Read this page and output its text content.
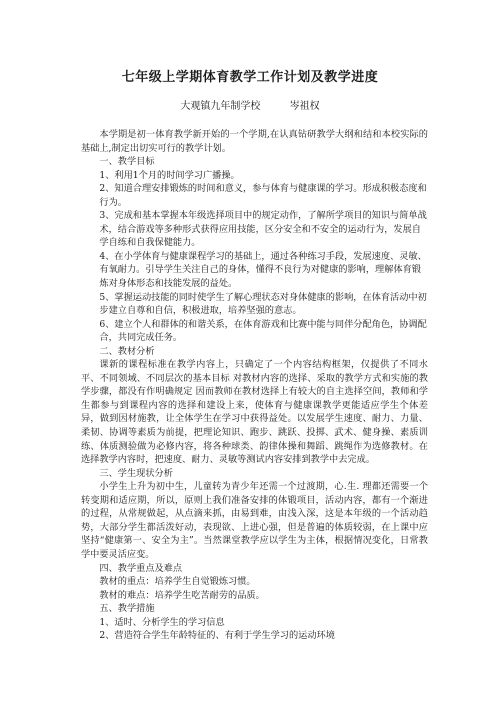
七年级上学期体育教学工作计划及教学进度
大观镇九年制学校	岑祖权

本学期是初一体育教学新开始的一个学期,在认真钻研教学大纲和结和本校实际的基础上,制定出切实可行的教学计划。

一、教学目标

1、利用1个月的时间学习广播操。

2、知道合理安排锻炼的时间和意义，参与体育与健康课的学习。形成积极态度和行为。

3、完成和基本掌握本年级选择项目中的规定动作，了解所学项目的知识与简单战术，结合游戏等多种形式获得应用技能，区分安全和不安全的运动行为，发展自学自练和自我保健能力。

4、在小学体育与健康课程学习的基础上，通过各种练习手段，发展速度、灵敏、有氧耐力。引导学生关注自己的身体，懂得不良行为对健康的影响，理解体育锻炼对身体形态和技能发展的益处。

5、掌握运动技能的同时使学生了解心理状态对身体健康的影响，在体育活动中初步建立自尊和自信，积极进取，培养坚强的意志。

6、建立个人和群体的和谐关系，在体育游戏和比赛中能与同伴分配角色，协调配合，共同完成任务。

二、教材分析

课新的课程标准在教学内容上，只确定了一个内容结构框架，仅提供了不同水平、不同领域、不同层次的基本目标 对教材内容的选择、采取的教学方式和实施的教学步骤，都没有作明确规定 因而教师在教材选择上有较大的自主选择空间，教师和学生都参与到课程内容的选择和建设上来，使体育与健康课教学更能适应学生个体差异，做到因材施教，让全体学生在学习中获得益处。以发展学生速度、耐力、力量、柔韧、协调等素质为前提，把理论知识、跑步、跳跃、投掷、武术、健身操、素质训练、体质测验做为必修内容，将各种球类、韵律体操和舞蹈、跳绳作为选修教材。在选择教学内容时，把速度、耐力、灵敏等测试内容安排到教学中去完成。

三、学生现状分析

小学生上升为初中生，儿童转为青少年还需一个过渡期，心.生. 理都还需要一个转变期和适应期，所以，原则上我们准备安排的体锻项目，活动内容，都有一个渐进的过程，从常规做起，从点滴来抓，由易到难，由浅入深，这是本年级的一个活动趋势，大部分学生都活泼好动，表现欲、上进心强，但是普遍的体质较弱，在上课中应坚持“健康第一、安全为主”。当然课堂教学应以学生为主体，根据情况变化，日常教学中要灵活应变。

四、教学重点及难点

教材的重点：培养学生自觉锻炼习惯。

教材的难点：培养学生吃苦耐劳的品质。

五、教学措施

1、适时、分析学生的学习信息

2、营造符合学生年龄特征的、有利于学生学习的运动环境
